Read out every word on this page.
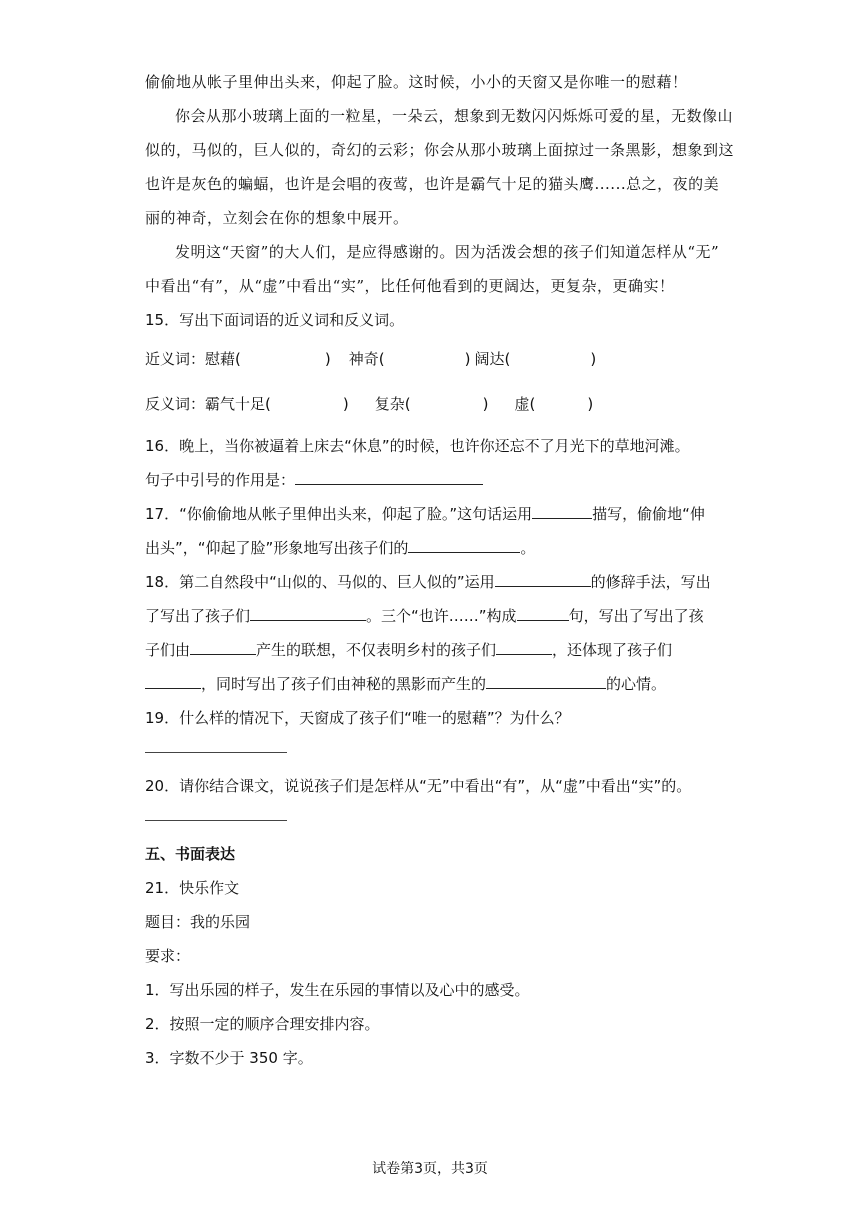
偷偷地从帐子里伸出头来，仰起了脸。这时候，小小的天窗又是你唯一的慰藉！
你会从那小玻璃上面的一粒星，一朵云，想象到无数闪闪烁烁可爱的星，无数像山
似的，马似的，巨人似的，奇幻的云彩；你会从那小玻璃上面掠过一条黑影，想象到这
也许是灰色的蝙蝠，也许是会唱的夜莺，也许是霸气十足的猫头鹰......总之，夜的美
丽的神奇，立刻会在你的想象中展开。
发明这“天窗”的大人们，是应得感谢的。因为活泼会想的孩子们知道怎样从“无”
中看出“有”，从“虚”中看出“实”，比任何他看到的更阔达，更复杂，更确实！
15．写出下面词语的近义词和反义词。
近义词：慰藉(	) 神奇(	) 阔达(	)
反义词：霸气十足(	) 复杂(	) 虚(	)
16．晚上，当你被逼着上床去“休息”的时候，也许你还忘不了月光下的草地河滩。
句子中引号的作用是：
17．“你偷偷地从帐子里伸出头来，仰起了脸。”这句话运用	描写，偷偷地“伸
出头”，“仰起了脸”形象地写出孩子们的	。
18．第二自然段中“山似的、马似的、巨人似的”运用	的修辞手法，写出
了写出了孩子们	。三个“也许……”构成	句，写出了写出了孩
子们由	产生的联想，不仅表明乡村的孩子们	，还体现了孩子们
，同时写出了孩子们由神秘的黑影而产生的	的心情。
19．什么样的情况下，天窗成了孩子们“唯一的慰藉”？为什么？
20．请你结合课文，说说孩子们是怎样从“无”中看出“有”，从“虚”中看出“实”的。
五、书面表达
21．快乐作文
题目：我的乐园
要求：
1．写出乐园的样子，发生在乐园的事情以及心中的感受。
2．按照一定的顺序合理安排内容。
3．字数不少于 350 字。
试卷第3页，共3页
